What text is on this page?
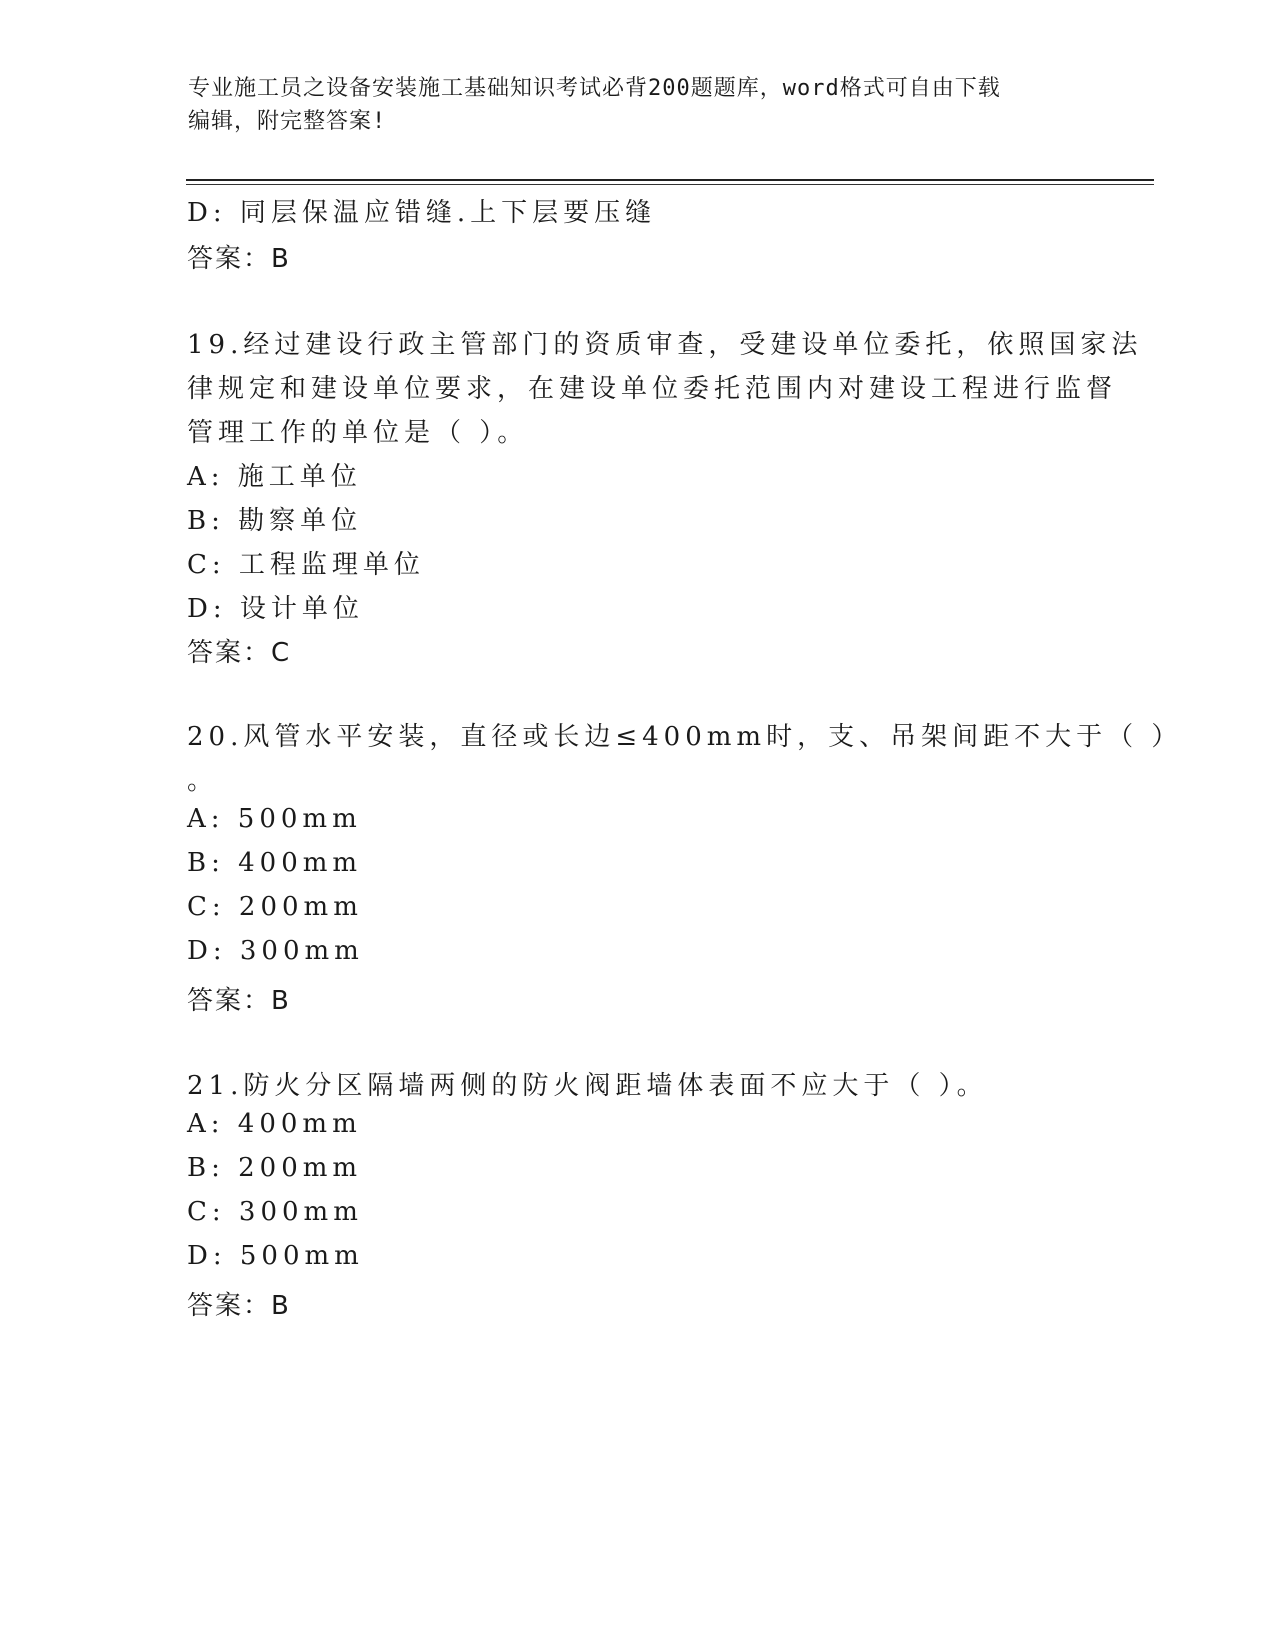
专业施工员之设备安装施工基础知识考试必背200题题库，word格式可自由下载
编辑，附完整答案!
D: 同层保温应错缝.上下层要压缝
答案：B
19.经过建设行政主管部门的资质审查，受建设单位委托，依照国家法
律规定和建设单位要求，在建设单位委托范围内对建设工程进行监督
管理工作的单位是（ ）。
A: 施工单位
B: 勘察单位
C: 工程监理单位
D: 设计单位
答案：C
20.风管水平安装，直径或长边≤400mm时，支、吊架间距不大于（ ）
。
A: 500mm
B: 400mm
C: 200mm
D: 300mm
答案：B
21.防火分区隔墙两侧的防火阀距墙体表面不应大于（ ）。
A: 400mm
B: 200mm
C: 300mm
D: 500mm
答案：B
